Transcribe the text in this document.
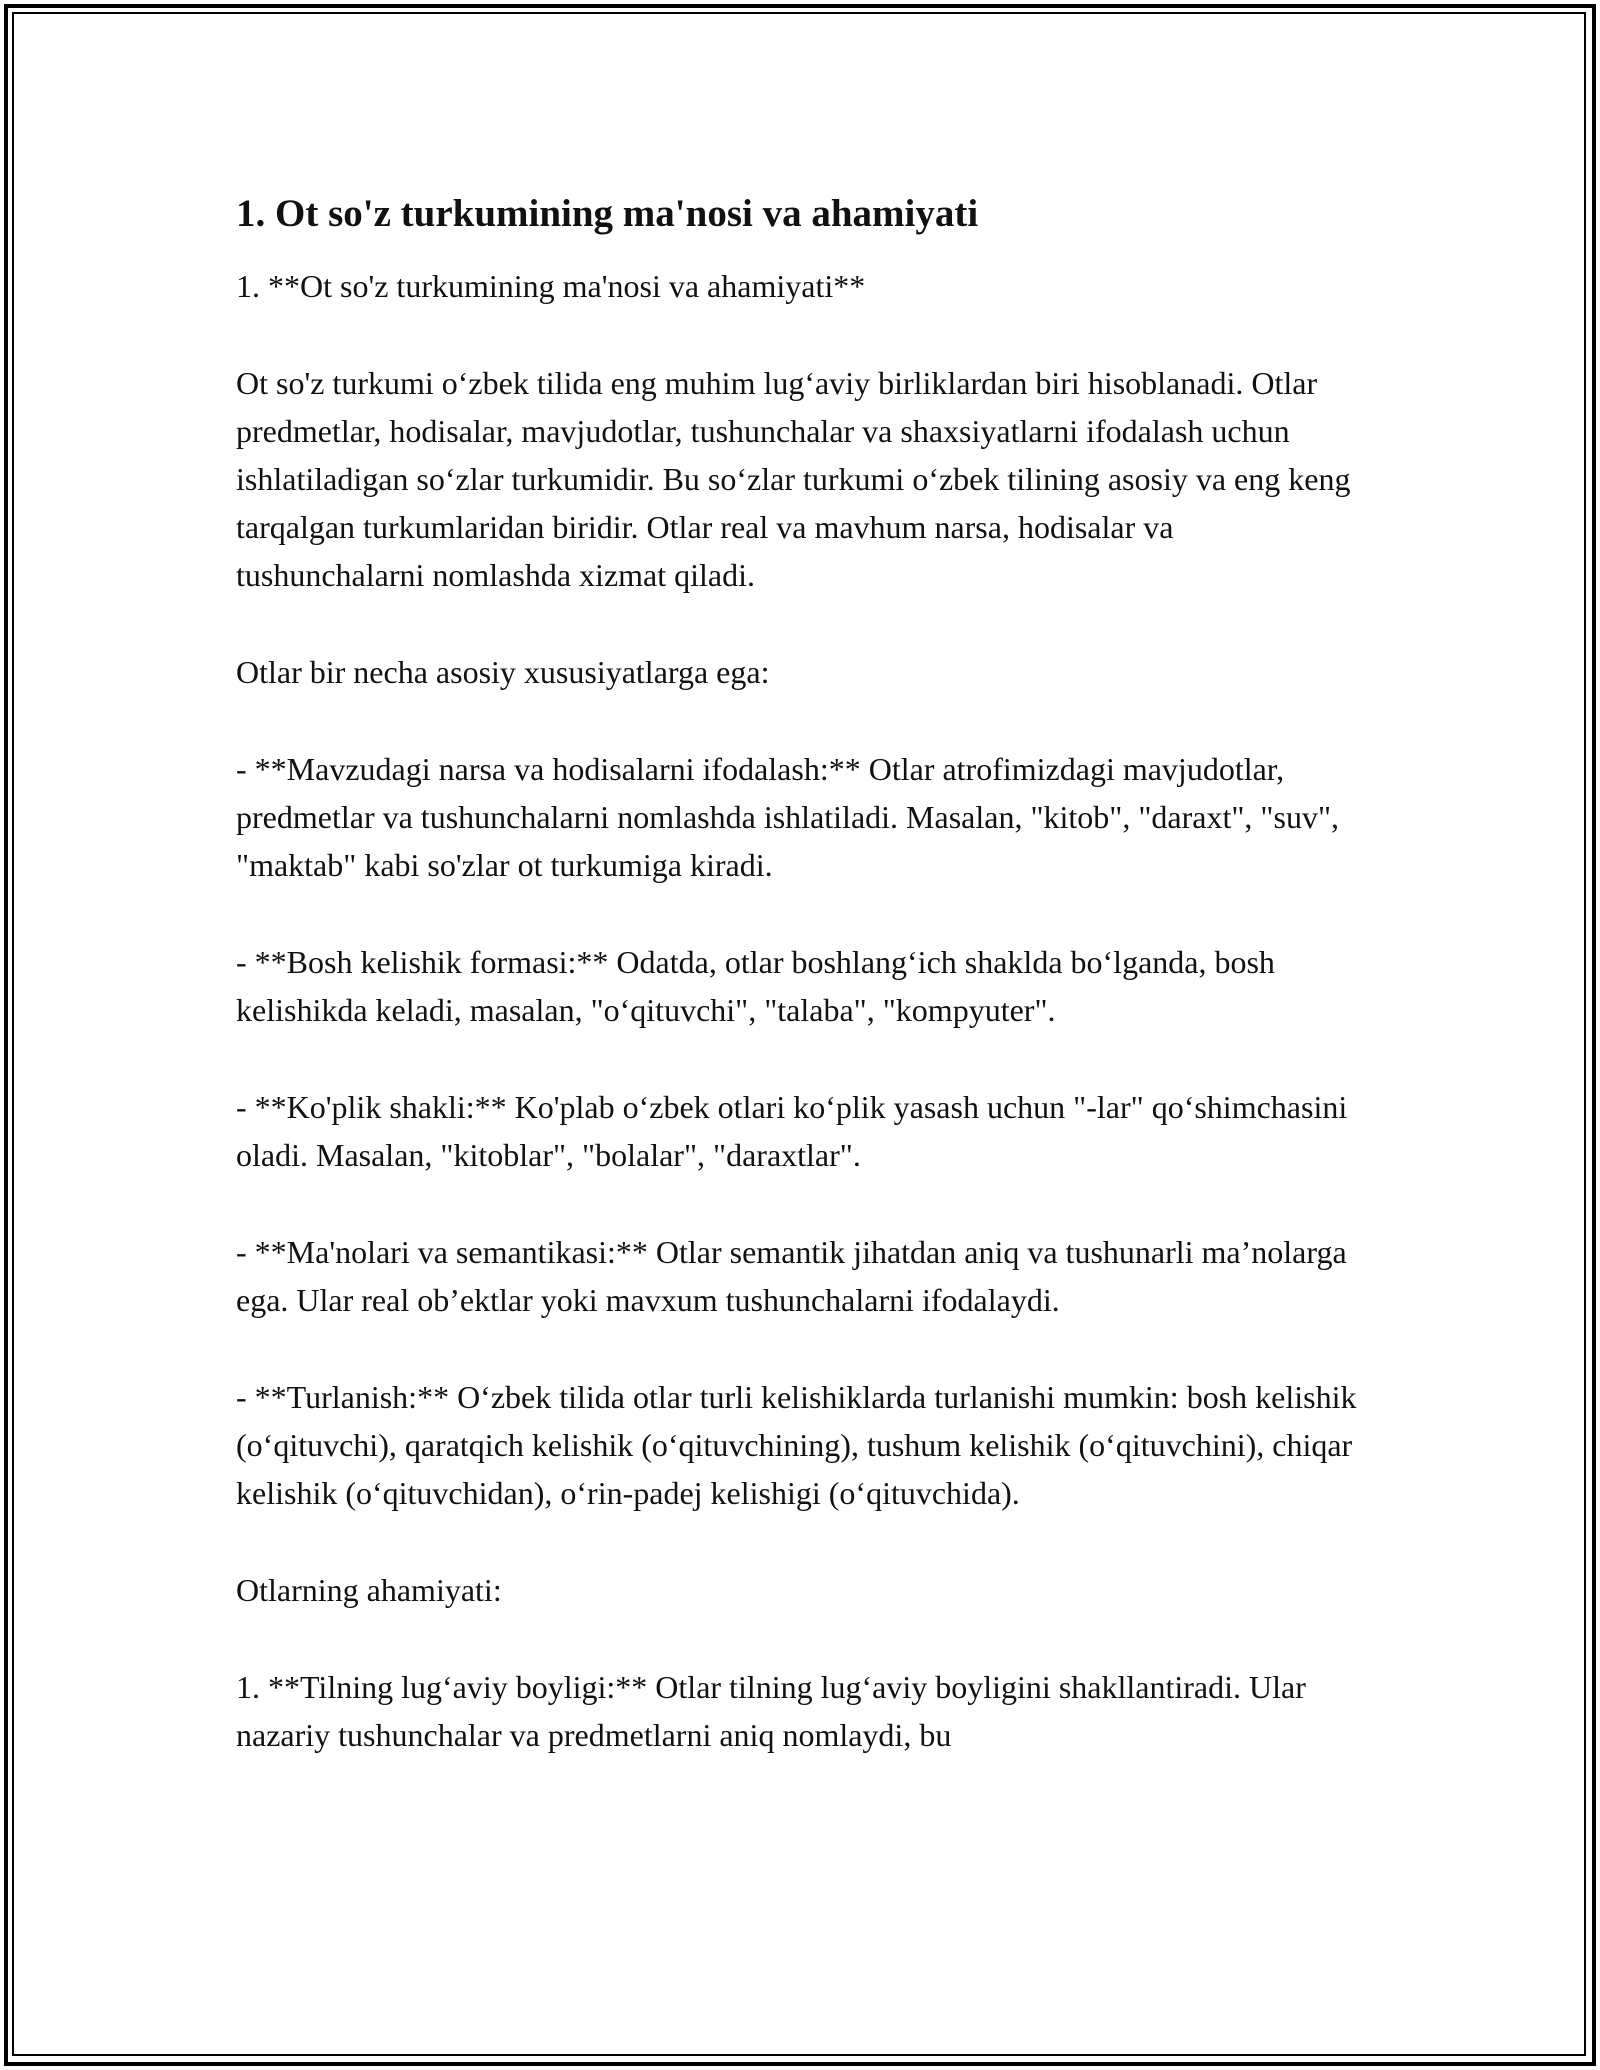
1. Ot so'z turkumining ma'nosi va ahamiyati

1. **Ot so'z turkumining ma'nosi va ahamiyati**

Ot so'z turkumi o‘zbek tilida eng muhim lug‘aviy birliklardan biri hisoblanadi. Otlar predmetlar, hodisalar, mavjudotlar, tushunchalar va shaxsiyatlarni ifodalash uchun ishlatiladigan so‘zlar turkumidir. Bu so‘zlar turkumi o‘zbek tilining asosiy va eng keng tarqalgan turkumlaridan biridir. Otlar real va mavhum narsa, hodisalar va tushunchalarni nomlashda xizmat qiladi.

Otlar bir necha asosiy xususiyatlarga ega:

- **Mavzudagi narsa va hodisalarni ifodalash:** Otlar atrofimizdagi mavjudotlar, predmetlar va tushunchalarni nomlashda ishlatiladi. Masalan, "kitob", "daraxt", "suv", "maktab" kabi so'zlar ot turkumiga kiradi.

- **Bosh kelishik formasi:** Odatda, otlar boshlang‘ich shaklda bo‘lganda, bosh kelishikda keladi, masalan, "o‘qituvchi", "talaba", "kompyuter".

- **Ko'plik shakli:** Ko'plab o‘zbek otlari ko‘plik yasash uchun "-lar" qo‘shimchasini oladi. Masalan, "kitoblar", "bolalar", "daraxtlar".

- **Ma'nolari va semantikasi:** Otlar semantik jihatdan aniq va tushunarli ma’nolarga ega. Ular real ob’ektlar yoki mavxum tushunchalarni ifodalaydi.

- **Turlanish:** O‘zbek tilida otlar turli kelishiklarda turlanishi mumkin: bosh kelishik (o‘qituvchi), qaratqich kelishik (o‘qituvchining), tushum kelishik (o‘qituvchini), chiqar kelishik (o‘qituvchidan), o‘rin-padej kelishigi (o‘qituvchida).

Otlarning ahamiyati:

1. **Tilning lug‘aviy boyligi:** Otlar tilning lug‘aviy boyligini shakllantiradi. Ular nazariy tushunchalar va predmetlarni aniq nomlaydi, bu
